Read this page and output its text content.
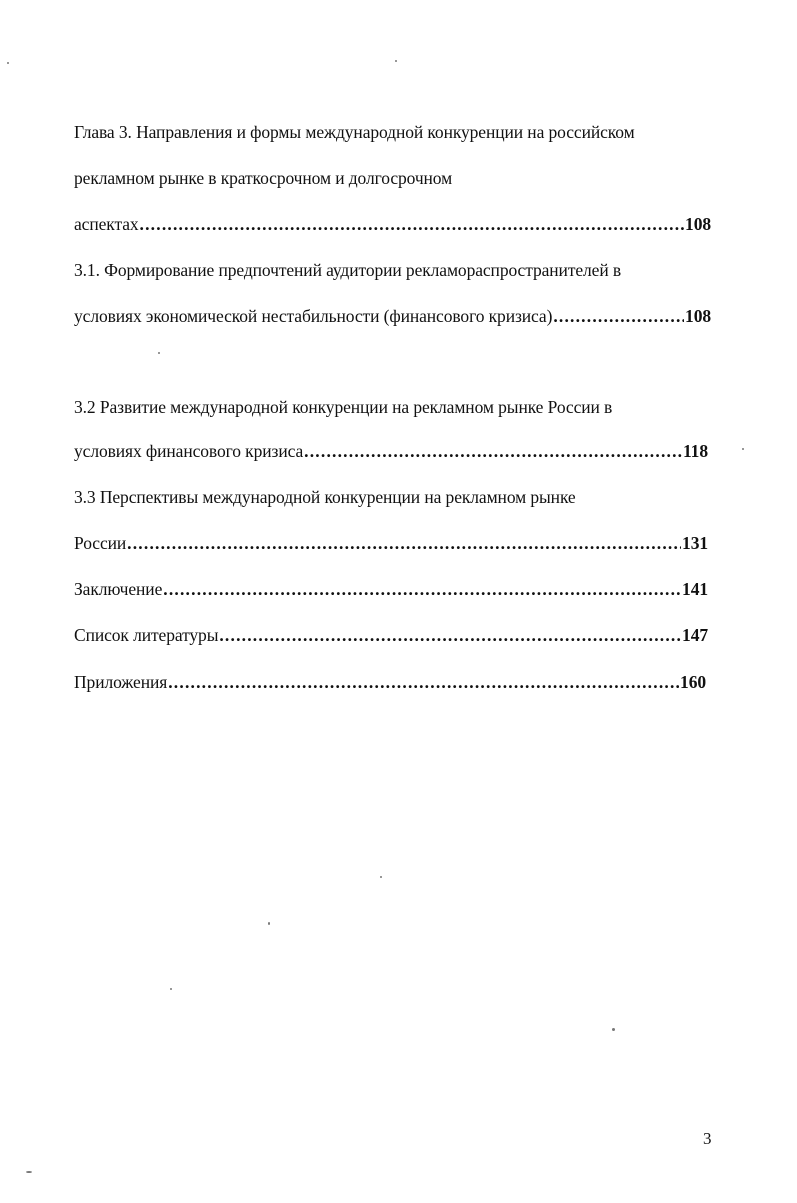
Глава 3. Направления и формы международной конкуренции на российском
рекламном рынке в краткосрочном и долгосрочном
аспектах .....	108
3.1. Формирование предпочтений аудитории рекламораспространителей в
условиях экономической нестабильности (финансового кризиса) .....	108
3.2 Развитие международной конкуренции на рекламном рынке России в
условиях финансового кризиса .....	118
3.3 Перспективы международной конкуренции на рекламном рынке
России .....	131
Заключение .....	141
Список литературы .....	147
Приложения .....	160
3
